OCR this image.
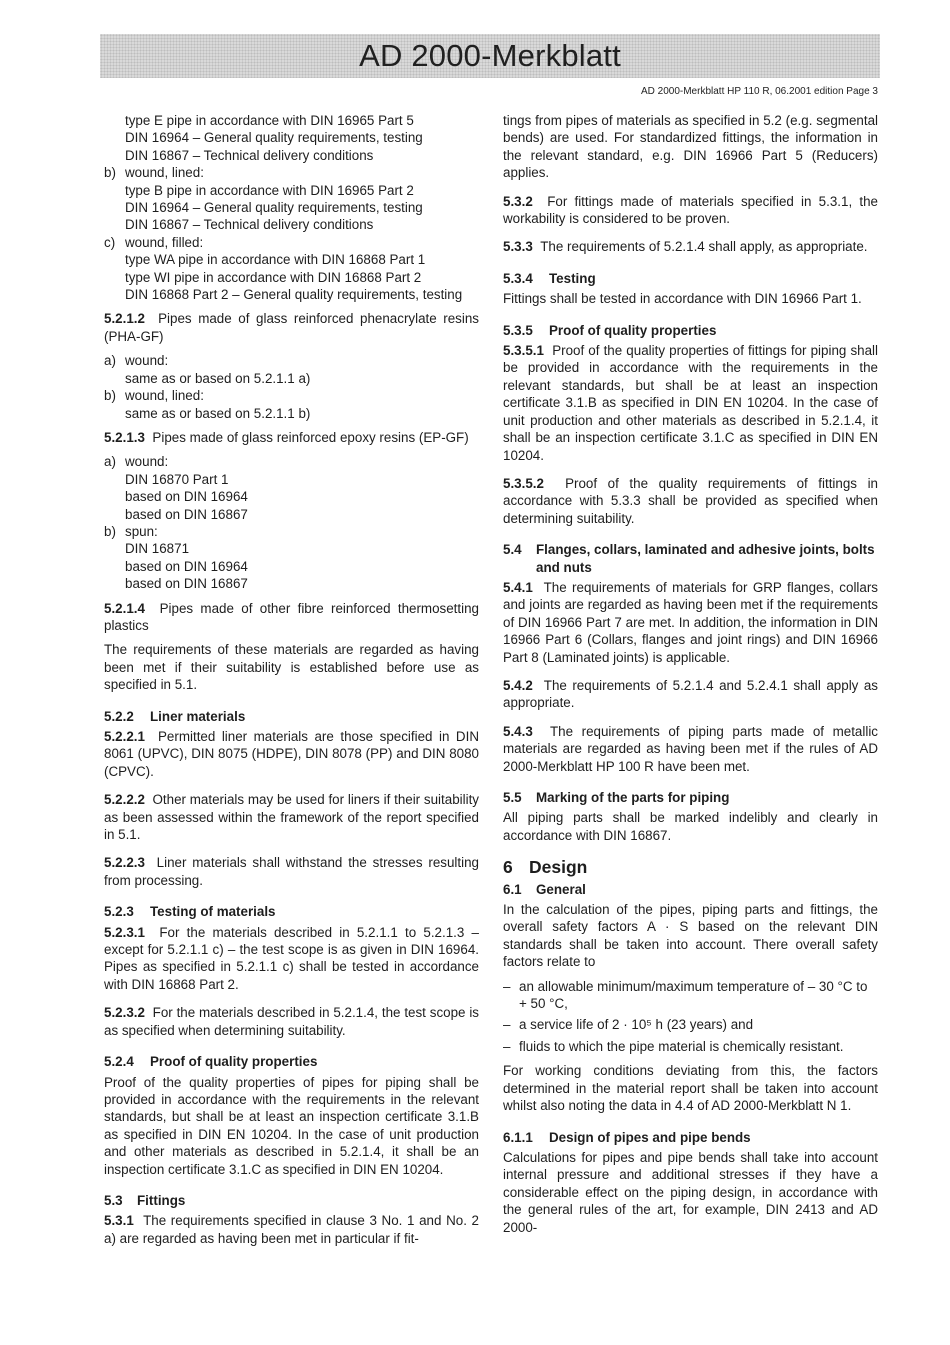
AD 2000-Merkblatt
AD 2000-Merkblatt HP 110 R, 06.2001 edition Page 3
type E pipe in accordance with DIN 16965 Part 5
DIN 16964 – General quality requirements, testing
DIN 16867 – Technical delivery conditions
b) wound, lined:
type B pipe in accordance with DIN 16965 Part 2
DIN 16964 – General quality requirements, testing
DIN 16867 – Technical delivery conditions
c) wound, filled:
type WA pipe in accordance with DIN 16868 Part 1
type WI pipe in accordance with DIN 16868 Part 2
DIN 16868 Part 2 – General quality requirements, testing

5.2.1.2 Pipes made of glass reinforced phenacrylate resins (PHA-GF)

a) wound:
same as or based on 5.2.1.1 a)
b) wound, lined:
same as or based on 5.2.1.1 b)

5.2.1.3 Pipes made of glass reinforced epoxy resins (EP-GF)

a) wound:
DIN 16870 Part 1
based on DIN 16964
based on DIN 16867
b) spun:
DIN 16871
based on DIN 16964
based on DIN 16867

5.2.1.4 Pipes made of other fibre reinforced thermosetting plastics

The requirements of these materials are regarded as having been met if their suitability is established before use as specified in 5.1.

5.2.2 Liner materials

5.2.2.1 Permitted liner materials are those specified in DIN 8061 (UPVC), DIN 8075 (HDPE), DIN 8078 (PP) and DIN 8080 (CPVC).

5.2.2.2 Other materials may be used for liners if their suitability as been assessed within the framework of the report specified in 5.1.

5.2.2.3 Liner materials shall withstand the stresses resulting from processing.

5.2.3 Testing of materials

5.2.3.1 For the materials described in 5.2.1.1 to 5.2.1.3 – except for 5.2.1.1 c) – the test scope is as given in DIN 16964. Pipes as specified in 5.2.1.1 c) shall be tested in accordance with DIN 16868 Part 2.

5.2.3.2 For the materials described in 5.2.1.4, the test scope is as specified when determining suitability.

5.2.4 Proof of quality properties

Proof of the quality properties of pipes for piping shall be provided in accordance with the requirements in the relevant standards, but shall be at least an inspection certificate 3.1.B as specified in DIN EN 10204. In the case of unit production and other materials as described in 5.2.1.4, it shall be an inspection certificate 3.1.C as specified in DIN EN 10204.

5.3 Fittings

5.3.1 The requirements specified in clause 3 No. 1 and No. 2 a) are regarded as having been met in particular if fit-

tings from pipes of materials as specified in 5.2 (e.g. segmental bends) are used. For standardized fittings, the information in the relevant standard, e.g. DIN 16966 Part 5 (Reducers) applies.

5.3.2 For fittings made of materials specified in 5.3.1, the workability is considered to be proven.

5.3.3 The requirements of 5.2.1.4 shall apply, as appropriate.

5.3.4 Testing

Fittings shall be tested in accordance with DIN 16966 Part 1.

5.3.5 Proof of quality properties

5.3.5.1 Proof of the quality properties of fittings for piping shall be provided in accordance with the requirements in the relevant standards, but shall be at least an inspection certificate 3.1.B as specified in DIN EN 10204. In the case of unit production and other materials as described in 5.2.1.4, it shall be an inspection certificate 3.1.C as specified in DIN EN 10204.

5.3.5.2 Proof of the quality requirements of fittings in accordance with 5.3.3 shall be provided as specified when determining suitability.

5.4	Flanges, collars, laminated and adhesive joints, bolts and nuts

5.4.1 The requirements of materials for GRP flanges, collars and joints are regarded as having been met if the requirements of DIN 16966 Part 7 are met. In addition, the information in DIN 16966 Part 6 (Collars, flanges and joint rings) and DIN 16966 Part 8 (Laminated joints) is applicable.

5.4.2 The requirements of 5.2.1.4 and 5.2.4.1 shall apply as appropriate.

5.4.3 The requirements of piping parts made of metallic materials are regarded as having been met if the rules of AD 2000-Merkblatt HP 100 R have been met.

5.5 Marking of the parts for piping

All piping parts shall be marked indelibly and clearly in accordance with DIN 16867.

6 Design
6.1 General

In the calculation of the pipes, piping parts and fittings, the overall safety factors A · S based on the relevant DIN standards shall be taken into account. There overall safety factors relate to

– an allowable minimum/maximum temperature of – 30 °C to + 50 °C,
– a service life of 2 · 10⁵ h (23 years) and
– fluids to which the pipe material is chemically resistant.

For working conditions deviating from this, the factors determined in the material report shall be taken into account whilst also noting the data in 4.4 of AD 2000-Merkblatt N 1.

6.1.1 Design of pipes and pipe bends

Calculations for pipes and pipe bends shall take into account internal pressure and additional stresses if they have a considerable effect on the piping design, in accordance with the general rules of the art, for example, DIN 2413 and AD 2000-
